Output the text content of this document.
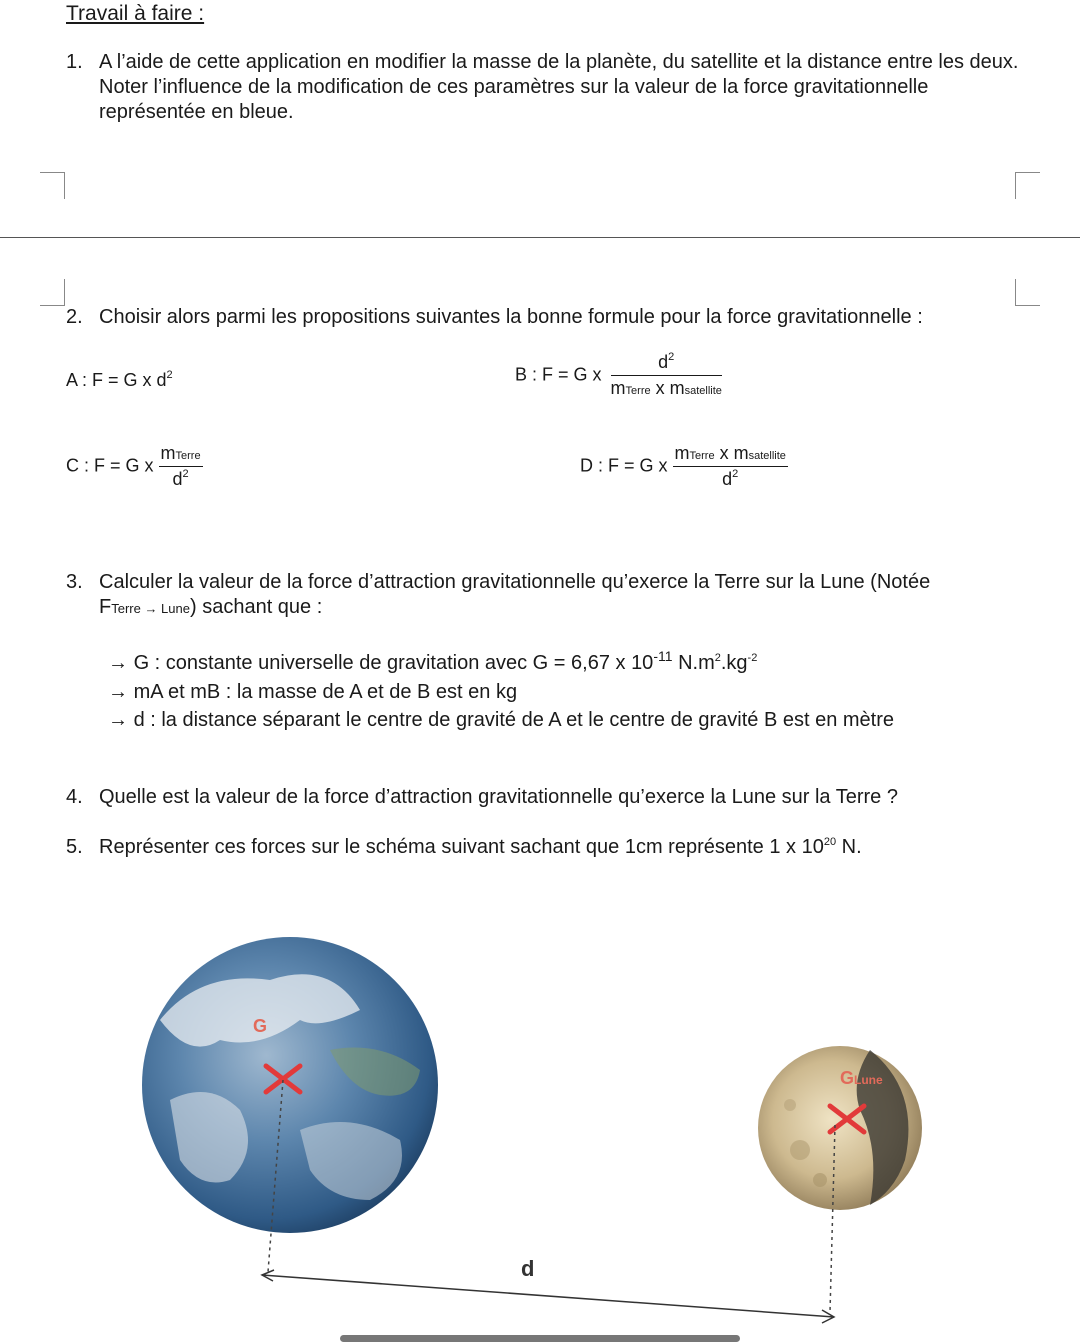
Travail à faire :
1. A l’aide de cette application en modifier la masse de la planète, du satellite et la distance entre les deux. Noter l’influence de la modification de ces paramètres sur la valeur de la force gravitationnelle représentée en bleue.
2. Choisir alors parmi les propositions suivantes la bonne formule pour la force gravitationnelle :
A : F = G x $d^2$	B : F = G x $\frac{d^2}{\text{mTerre x msatellite}}$
C : F = G x $\frac{\text{mTerre}}{d^2}$	D : F = G x $\frac{\text{mTerre x msatellite}}{d^2}$
3. Calculer la valeur de la force d’attraction gravitationnelle qu’exerce la Terre sur la Lune (Notée
FTerre → Lune) sachant que :
→ G : constante universelle de gravitation avec G = 6,67 x $10^{-11}$ $N.m^2.kg^{-2}$
→ mA et mB : la masse de A et de B est en kg
→ d : la distance séparant le centre de gravité de A et le centre de gravité B est en mètre
4. Quelle est la valeur de la force d’attraction gravitationnelle qu’exerce la Lune sur la Terre ?
5. Représenter ces forces sur le schéma suivant sachant que 1cm représente 1 x $10^{20}$ N.
G
GLune
d
